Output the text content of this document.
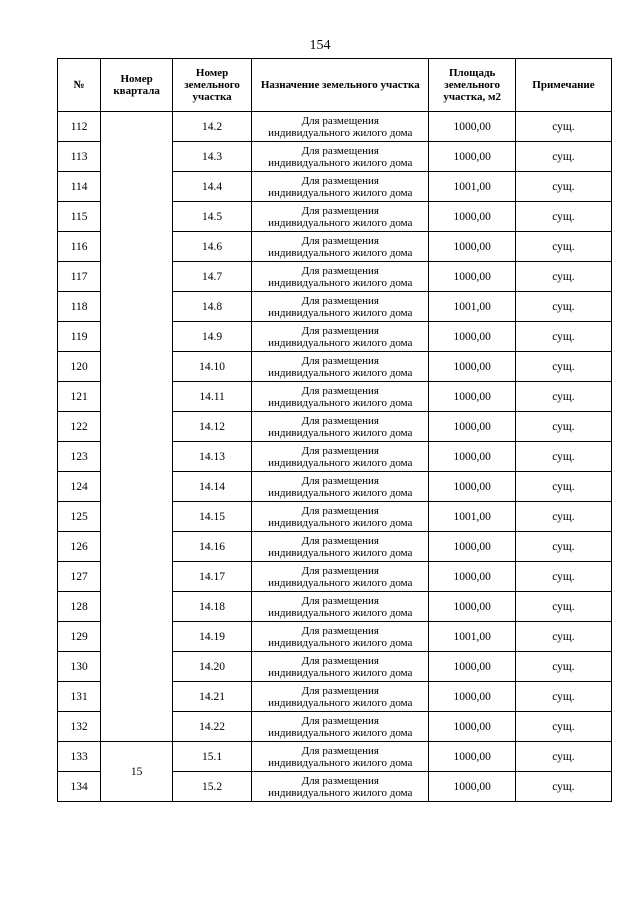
154
№	Номер квартала	Номер земельного участка	Назначение земельного участка	Площадь земельного участка, м2	Примечание
112		14.2	Для размещения
индивидуального жилого дома	1000,00	сущ.
113		14.3	Для размещения
индивидуального жилого дома	1000,00	сущ.
114		14.4	Для размещения
индивидуального жилого дома	1001,00	сущ.
115		14.5	Для размещения
индивидуального жилого дома	1000,00	сущ.
116		14.6	Для размещения
индивидуального жилого дома	1000,00	сущ.
117		14.7	Для размещения
индивидуального жилого дома	1000,00	сущ.
118		14.8	Для размещения
индивидуального жилого дома	1001,00	сущ.
119		14.9	Для размещения
индивидуального жилого дома	1000,00	сущ.
120		14.10	Для размещения
индивидуального жилого дома	1000,00	сущ.
121		14.11	Для размещения
индивидуального жилого дома	1000,00	сущ.
122		14.12	Для размещения
индивидуального жилого дома	1000,00	сущ.
123		14.13	Для размещения
индивидуального жилого дома	1000,00	сущ.
124		14.14	Для размещения
индивидуального жилого дома	1000,00	сущ.
125		14.15	Для размещения
индивидуального жилого дома	1001,00	сущ.
126		14.16	Для размещения
индивидуального жилого дома	1000,00	сущ.
127		14.17	Для размещения
индивидуального жилого дома	1000,00	сущ.
128		14.18	Для размещения
индивидуального жилого дома	1000,00	сущ.
129		14.19	Для размещения
индивидуального жилого дома	1001,00	сущ.
130		14.20	Для размещения
индивидуального жилого дома	1000,00	сущ.
131		14.21	Для размещения
индивидуального жилого дома	1000,00	сущ.
132		14.22	Для размещения
индивидуального жилого дома	1000,00	сущ.
133	15	15.1	Для размещения
индивидуального жилого дома	1000,00	сущ.
134		15.2	Для размещения
индивидуального жилого дома	1000,00	сущ.
